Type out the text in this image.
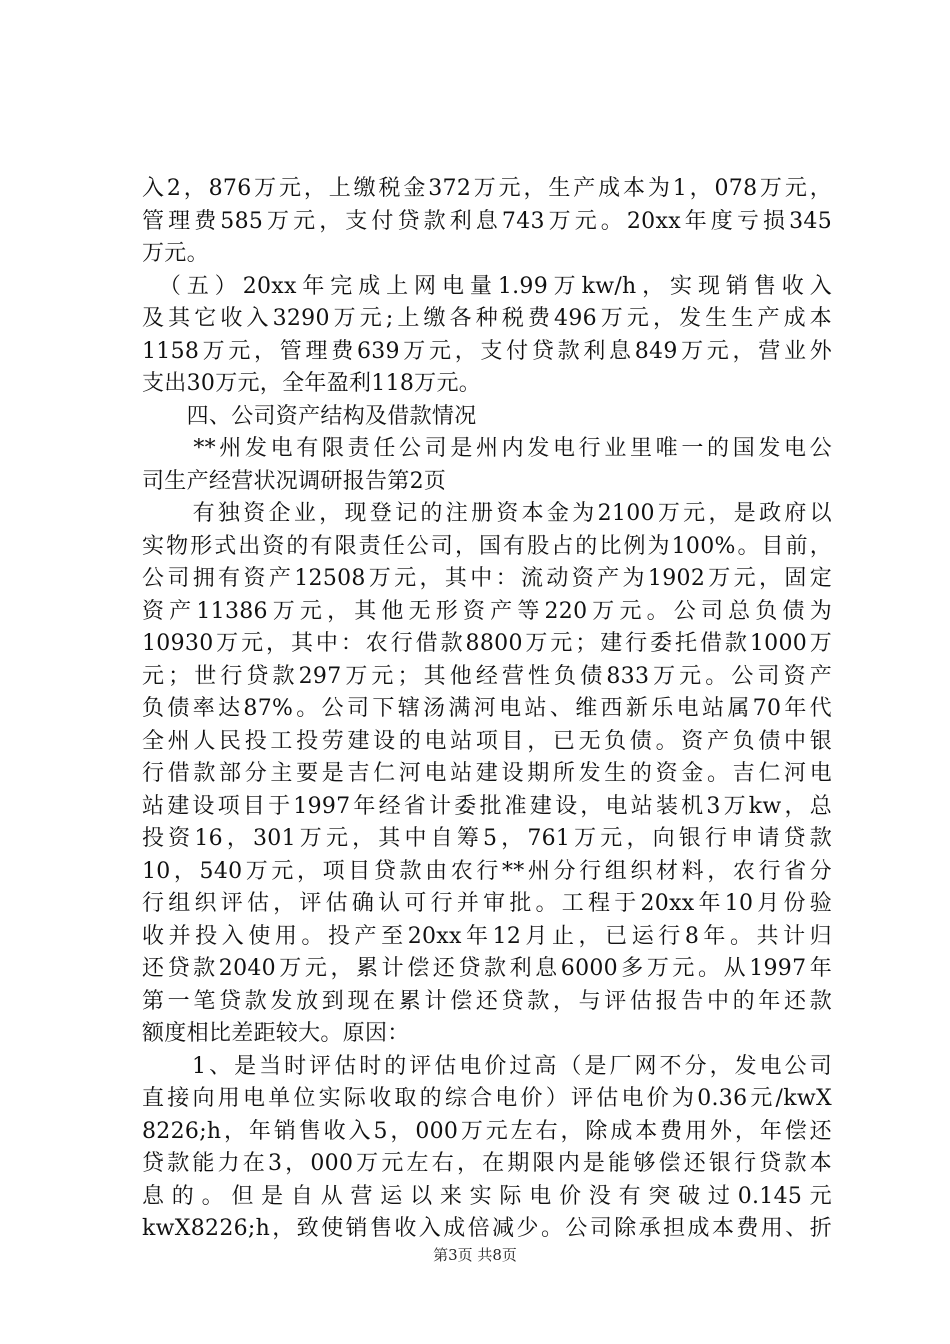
入2，876万元，上缴税金372万元，生产成本为1，078万元，
管理费585万元，支付贷款利息743万元。20xx年度亏损345
万元。
　（五）20xx年完成上网电量1.99万kw/h，实现销售收入
及其它收入3290万元;上缴各种税费496万元，发生生产成本
1158万元，管理费639万元，支付贷款利息849万元，营业外
支出30万元，全年盈利118万元。
　　四、公司资产结构及借款情况
　　**州发电有限责任公司是州内发电行业里唯一的国发电公
司生产经营状况调研报告第2页
　　有独资企业，现登记的注册资本金为2100万元，是政府以
实物形式出资的有限责任公司，国有股占的比例为100%。目前，
公司拥有资产12508万元，其中：流动资产为1902万元，固定
资产11386万元，其他无形资产等220万元。公司总负债为
10930万元，其中：农行借款8800万元；建行委托借款1000万
元；世行贷款297万元；其他经营性负债833万元。公司资产
负债率达87%。公司下辖汤满河电站、维西新乐电站属70年代
全州人民投工投劳建设的电站项目，已无负债。资产负债中银
行借款部分主要是吉仁河电站建设期所发生的资金。吉仁河电
站建设项目于1997年经省计委批准建设，电站装机3万kw，总
投资16，301万元，其中自筹5，761万元，向银行申请贷款
10，540万元，项目贷款由农行**州分行组织材料，农行省分
行组织评估，评估确认可行并审批。工程于20xx年10月份验
收并投入使用。投产至20xx年12月止，已运行8年。共计归
还贷款2040万元，累计偿还贷款利息6000多万元。从1997年
第一笔贷款发放到现在累计偿还贷款，与评估报告中的年还款
额度相比差距较大。原因：
　　1、是当时评估时的评估电价过高（是厂网不分，发电公司
直接向用电单位实际收取的综合电价）评估电价为0.36元/kwX
8226;h，年销售收入5，000万元左右，除成本费用外，年偿还
贷款能力在3，000万元左右，在期限内是能够偿还银行贷款本
息的。但是自从营运以来实际电价没有突破过0.145元
kwX8226;h，致使销售收入成倍减少。公司除承担成本费用、折
第3页 共8页
